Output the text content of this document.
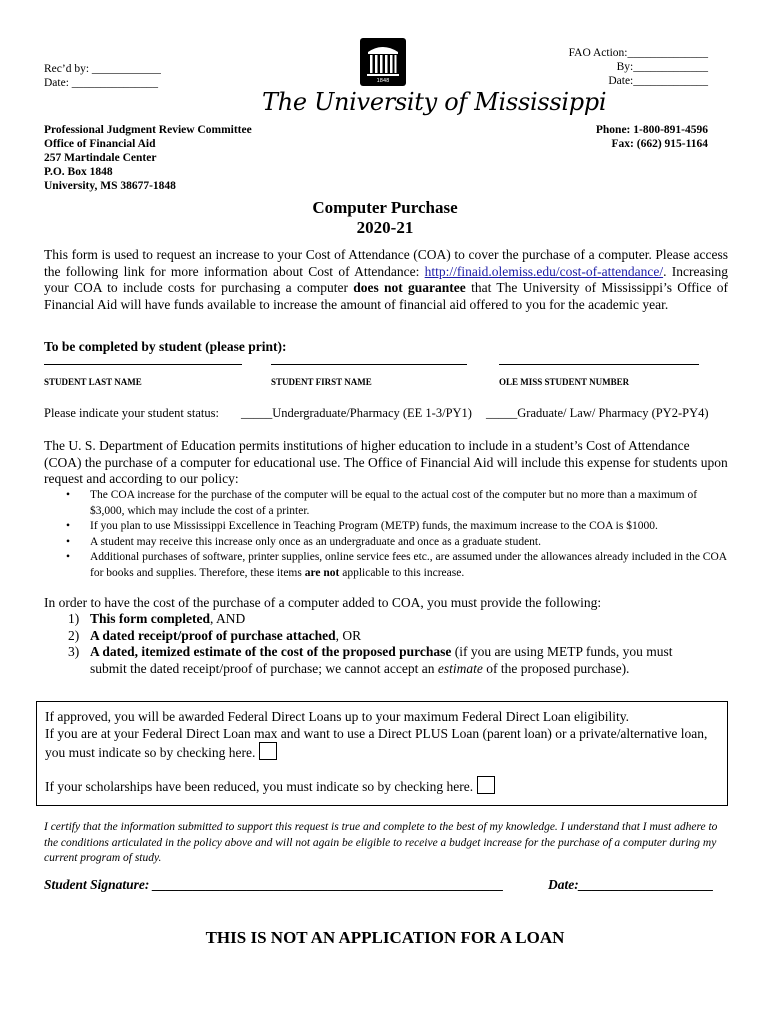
Rec’d by: ____________
Date: _______________
FAO Action:______________
By:_____________
Date:_____________
1848
The University of Mississippi
Professional Judgment Review Committee
Office of Financial Aid
257 Martindale Center
P.O. Box 1848
University, MS 38677-1848
Phone: 1-800-891-4596
Fax: (662) 915-1164
Computer Purchase
2020-21
This form is used to request an increase to your Cost of Attendance (COA) to cover the purchase of a computer. Please access the following link for more information about Cost of Attendance: http://finaid.olemiss.edu/cost-of-attendance/. Increasing your COA to include costs for purchasing a computer does not guarantee that The University of Mississippi’s Office of Financial Aid will have funds available to increase the amount of financial aid offered to you for the academic year.
To be completed by student (please print):
STUDENT LAST NAME	STUDENT FIRST NAME	OLE MISS STUDENT NUMBER
Please indicate your student status: _____Undergraduate/Pharmacy (EE 1-3/PY1) _____Graduate/ Law/ Pharmacy (PY2-PY4)
The U. S. Department of Education permits institutions of higher education to include in a student’s Cost of Attendance (COA) the purchase of a computer for educational use. The Office of Financial Aid will include this expense for students upon request and according to our policy:
• The COA increase for the purchase of the computer will be equal to the actual cost of the computer but no more than a maximum of $3,000, which may include the cost of a printer.
• If you plan to use Mississippi Excellence in Teaching Program (METP) funds, the maximum increase to the COA is $1000.
• A student may receive this increase only once as an undergraduate and once as a graduate student.
• Additional purchases of software, printer supplies, online service fees etc., are assumed under the allowances already included in the COA for books and supplies. Therefore, these items are not applicable to this increase.
In order to have the cost of the purchase of a computer added to COA, you must provide the following:
1) This form completed, AND
2) A dated receipt/proof of purchase attached, OR
3) A dated, itemized estimate of the cost of the proposed purchase (if you are using METP funds, you must submit the dated receipt/proof of purchase; we cannot accept an estimate of the proposed purchase).
If approved, you will be awarded Federal Direct Loans up to your maximum Federal Direct Loan eligibility.
If you are at your Federal Direct Loan max and want to use a Direct PLUS Loan (parent loan) or a private/alternative loan, you must indicate so by checking here.
If your scholarships have been reduced, you must indicate so by checking here.
I certify that the information submitted to support this request is true and complete to the best of my knowledge. I understand that I must adhere to the conditions articulated in the policy above and will not again be eligible to receive a budget increase for the purchase of a computer during my current program of study.
Student Signature: ____________________________________________________	Date:____________________
THIS IS NOT AN APPLICATION FOR A LOAN
